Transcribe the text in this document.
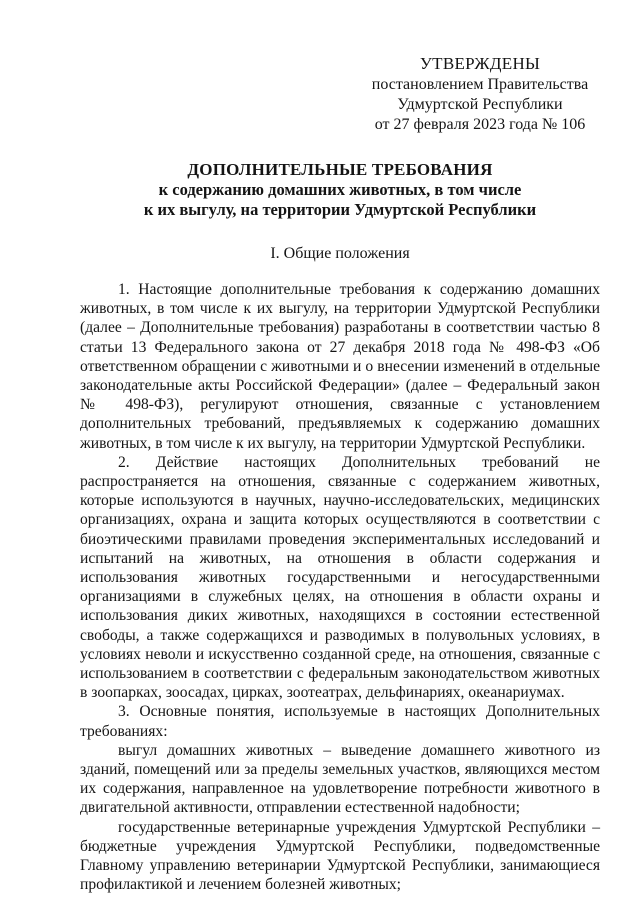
УТВЕРЖДЕНЫ
постановлением Правительства
Удмуртской Республики
от 27 февраля 2023 года № 106
ДОПОЛНИТЕЛЬНЫЕ ТРЕБОВАНИЯ
к содержанию домашних животных, в том числе
к их выгулу, на территории Удмуртской Республики
I. Общие положения

1. Настоящие дополнительные требования к содержанию домашних животных, в том числе к их выгулу, на территории Удмуртской Республики (далее – Дополнительные требования) разработаны в соответствии частью 8 статьи 13 Федерального закона от 27 декабря 2018 года № 498-ФЗ «Об ответственном обращении с животными и о внесении изменений в отдельные законодательные акты Российской Федерации» (далее – Федеральный закон № 498-ФЗ), регулируют отношения, связанные с установлением дополнительных требований, предъявляемых к содержанию домашних животных, в том числе к их выгулу, на территории Удмуртской Республики.

2. Действие настоящих Дополнительных требований не распространяется на отношения, связанные с содержанием животных, которые используются в научных, научно-исследовательских, медицинских организациях, охрана и защита которых осуществляются в соответствии с биоэтическими правилами проведения экспериментальных исследований и испытаний на животных, на отношения в области содержания и использования животных государственными и негосударственными организациями в служебных целях, на отношения в области охраны и использования диких животных, находящихся в состоянии естественной свободы, а также содержащихся и разводимых в полувольных условиях, в условиях неволи и искусственно созданной среде, на отношения, связанные с использованием в соответствии с федеральным законодательством животных в зоопарках, зоосадах, цирках, зоотеатрах, дельфинариях, океанариумах.

3. Основные понятия, используемые в настоящих Дополнительных требованиях:

выгул домашних животных – выведение домашнего животного из зданий, помещений или за пределы земельных участков, являющихся местом их содержания, направленное на удовлетворение потребности животного в двигательной активности, отправлении естественной надобности;

государственные ветеринарные учреждения Удмуртской Республики – бюджетные учреждения Удмуртской Республики, подведомственные Главному управлению ветеринарии Удмуртской Республики, занимающиеся профилактикой и лечением болезней животных;
